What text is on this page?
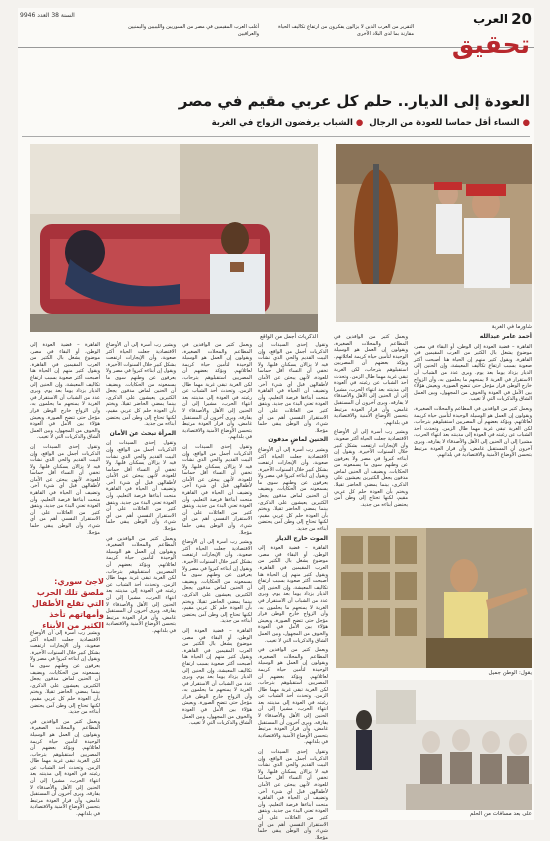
20
العرب
السنة 38 العدد 9946
التقرير من العرب الذين لا يزالون يفكرون من ارتفاع تكاليف الحياة مقارنة بما لدى البلاد الأخرى
أغلب العرب المقيمين في مصر من السوريين والليبيين واليمنيين والعراقيين	تحقيق
العودة إلى الديار.. حلم كل عربي مقيم في مصر
●النساء أقل حماسا للعودة من الرجال  ●الشباب يرفضون الزواج في الغربة
الذكريات أجمل من الواقع
شاورما في الغربة
أحمد عامر عبدالله

القاهرة – قضية العودة إلى الوطن، أو البقاء في مصر، موضوع يشغل بال الكثير من العرب المقيمين في القاهرة. ويقول كثير منهم إن الحياة هنا أصبحت أكثر صعوبة بسبب ارتفاع تكاليف المعيشة، وإن الحنين إلى الديار يزداد يوما بعد يوم. ويرى عدد من الشباب أن الاستقرار في الغربة لا يمنحهم ما يحلمون به، وأن الزواج خارج الوطن قرار مؤجل حتى تتضح الصورة. ويعيش هؤلاء بين الأمل في العودة والخوف من المجهول، وبين العمل الشاق والذكريات التي لا تغيب.

ويعمل كثير من الوافدين في المطاعم والمحلات الصغيرة، ويقولون إن العمل هو الوسيلة الوحيدة لتأمين حياة كريمة لعائلاتهم. ويؤكد بعضهم أن المصريين استقبلوهم بترحاب، لكن الغربة تبقى غربة مهما طال الزمن. وتحدث أحد الشباب عن رغبته في العودة إلى مدينته بعد انتهاء الحرب، مشيرا إلى أن الحنين إلى الأهل والأصدقاء لا يفارقه. ويرى آخرون أن المستقبل غامض، وأن قرار العودة مرتبط بتحسن الأوضاع الأمنية والاقتصادية في بلدانهم.

ويعمل كثير من الوافدين في المطاعم والمحلات الصغيرة، ويقولون إن العمل هو الوسيلة الوحيدة لتأمين حياة كريمة لعائلاتهم. ويؤكد بعضهم أن المصريين استقبلوهم بترحاب، لكن الغربة تبقى غربة مهما طال الزمن. وتحدث أحد الشباب عن رغبته في العودة إلى مدينته بعد انتهاء الحرب، مشيرا إلى أن الحنين إلى الأهل والأصدقاء لا يفارقه. ويرى آخرون أن المستقبل غامض، وأن قرار العودة مرتبط بتحسن الأوضاع الأمنية والاقتصادية في بلدانهم.

ويشير رب أسرة إلى أن الأوضاع الاقتصادية جعلت الحياة أكثر صعوبة، وأن الإيجارات ارتفعت بشكل كبير خلال السنوات الأخيرة. ويقول إن أبناءه كبروا في مصر ولا يعرفون عن وطنهم سوى ما يسمعونه من الحكايات. ويضيف أن الحنين لماض مدفون يجعل الكثيرين يعيشون على الذكرى، بينما يمضي الحاضر ثقيلا. ويختم بأن العودة حلم كل عربي مقيم، لكنها تحتاج إلى وطن آمن يحتضن أبناءه من جديد.

وتقول إحدى السيدات إن الذكريات أجمل من الواقع، وإن البيت القديم والحي الذي نشأت فيه لا يزالان يسكنان قلبها. ولا تخفي أن النساء أقل حماسا للعودة، لأنهن يبحثن عن الأمان لأطفالهن قبل أي شيء آخر. وتضيف أن الحياة في القاهرة منحت أبناءها فرصة التعليم، وأن العودة تعني البدء من جديد. ويتفق كثير من العائلات على أن الاستقرار النفسي أهم من أي شيء، وأن الوطن يبقى حلما مؤجلا.

الحنين لماضٍ مدفون

ويشير رب أسرة إلى أن الأوضاع الاقتصادية جعلت الحياة أكثر صعوبة، وأن الإيجارات ارتفعت بشكل كبير خلال السنوات الأخيرة. ويقول إن أبناءه كبروا في مصر ولا يعرفون عن وطنهم سوى ما يسمعونه من الحكايات. ويضيف أن الحنين لماض مدفون يجعل الكثيرين يعيشون على الذكرى، بينما يمضي الحاضر ثقيلا. ويختم بأن العودة حلم كل عربي مقيم، لكنها تحتاج إلى وطن آمن يحتضن أبناءه من جديد.

الموت خارج الديار

القاهرة – قضية العودة إلى الوطن، أو البقاء في مصر، موضوع يشغل بال الكثير من العرب المقيمين في القاهرة. ويقول كثير منهم إن الحياة هنا أصبحت أكثر صعوبة بسبب ارتفاع تكاليف المعيشة، وإن الحنين إلى الديار يزداد يوما بعد يوم. ويرى عدد من الشباب أن الاستقرار في الغربة لا يمنحهم ما يحلمون به، وأن الزواج خارج الوطن قرار مؤجل حتى تتضح الصورة. ويعيش هؤلاء بين الأمل في العودة والخوف من المجهول، وبين العمل الشاق والذكريات التي لا تغيب.

ويعمل كثير من الوافدين في المطاعم والمحلات الصغيرة، ويقولون إن العمل هو الوسيلة الوحيدة لتأمين حياة كريمة لعائلاتهم. ويؤكد بعضهم أن المصريين استقبلوهم بترحاب، لكن الغربة تبقى غربة مهما طال الزمن. وتحدث أحد الشباب عن رغبته في العودة إلى مدينته بعد انتهاء الحرب، مشيرا إلى أن الحنين إلى الأهل والأصدقاء لا يفارقه. ويرى آخرون أن المستقبل غامض، وأن قرار العودة مرتبط بتحسن الأوضاع الأمنية والاقتصادية في بلدانهم.

وتقول إحدى السيدات إن الذكريات أجمل من الواقع، وإن البيت القديم والحي الذي نشأت فيه لا يزالان يسكنان قلبها. ولا تخفي أن النساء أقل حماسا للعودة، لأنهن يبحثن عن الأمان لأطفالهن قبل أي شيء آخر. وتضيف أن الحياة في القاهرة منحت أبناءها فرصة التعليم، وأن العودة تعني البدء من جديد. ويتفق كثير من العائلات على أن الاستقرار النفسي أهم من أي شيء، وأن الوطن يبقى حلما مؤجلا.

ويعمل كثير من الوافدين في المطاعم والمحلات الصغيرة، ويقولون إن العمل هو الوسيلة الوحيدة لتأمين حياة كريمة لعائلاتهم. ويؤكد بعضهم أن المصريين استقبلوهم بترحاب، لكن الغربة تبقى غربة مهما طال الزمن. وتحدث أحد الشباب عن رغبته في العودة إلى مدينته بعد انتهاء الحرب، مشيرا إلى أن الحنين إلى الأهل والأصدقاء لا يفارقه. ويرى آخرون أن المستقبل غامض، وأن قرار العودة مرتبط بتحسن الأوضاع الأمنية والاقتصادية في بلدانهم.

وتقول إحدى السيدات إن الذكريات أجمل من الواقع، وإن البيت القديم والحي الذي نشأت فيه لا يزالان يسكنان قلبها. ولا تخفي أن النساء أقل حماسا للعودة، لأنهن يبحثن عن الأمان لأطفالهن قبل أي شيء آخر. وتضيف أن الحياة في القاهرة منحت أبناءها فرصة التعليم، وأن العودة تعني البدء من جديد. ويتفق كثير من العائلات على أن الاستقرار النفسي أهم من أي شيء، وأن الوطن يبقى حلما مؤجلا.

ويشير رب أسرة إلى أن الأوضاع الاقتصادية جعلت الحياة أكثر صعوبة، وأن الإيجارات ارتفعت بشكل كبير خلال السنوات الأخيرة. ويقول إن أبناءه كبروا في مصر ولا يعرفون عن وطنهم سوى ما يسمعونه من الحكايات. ويضيف أن الحنين لماض مدفون يجعل الكثيرين يعيشون على الذكرى، بينما يمضي الحاضر ثقيلا. ويختم بأن العودة حلم كل عربي مقيم، لكنها تحتاج إلى وطن آمن يحتضن أبناءه من جديد.

القاهرة – قضية العودة إلى الوطن، أو البقاء في مصر، موضوع يشغل بال الكثير من العرب المقيمين في القاهرة. ويقول كثير منهم إن الحياة هنا أصبحت أكثر صعوبة بسبب ارتفاع تكاليف المعيشة، وإن الحنين إلى الديار يزداد يوما بعد يوم. ويرى عدد من الشباب أن الاستقرار في الغربة لا يمنحهم ما يحلمون به، وأن الزواج خارج الوطن قرار مؤجل حتى تتضح الصورة. ويعيش هؤلاء بين الأمل في العودة والخوف من المجهول، وبين العمل الشاق والذكريات التي لا تغيب.

ويشير رب أسرة إلى أن الأوضاع الاقتصادية جعلت الحياة أكثر صعوبة، وأن الإيجارات ارتفعت بشكل كبير خلال السنوات الأخيرة. ويقول إن أبناءه كبروا في مصر ولا يعرفون عن وطنهم سوى ما يسمعونه من الحكايات. ويضيف أن الحنين لماض مدفون يجعل الكثيرين يعيشون على الذكرى، بينما يمضي الحاضر ثقيلا. ويختم بأن العودة حلم كل عربي مقيم، لكنها تحتاج إلى وطن آمن يحتضن أبناءه من جديد.

المرأة تبحث عن الأمان

وتقول إحدى السيدات إن الذكريات أجمل من الواقع، وإن البيت القديم والحي الذي نشأت فيه لا يزالان يسكنان قلبها. ولا تخفي أن النساء أقل حماسا للعودة، لأنهن يبحثن عن الأمان لأطفالهن قبل أي شيء آخر. وتضيف أن الحياة في القاهرة منحت أبناءها فرصة التعليم، وأن العودة تعني البدء من جديد. ويتفق كثير من العائلات على أن الاستقرار النفسي أهم من أي شيء، وأن الوطن يبقى حلما مؤجلا.

ويعمل كثير من الوافدين في المطاعم والمحلات الصغيرة، ويقولون إن العمل هو الوسيلة الوحيدة لتأمين حياة كريمة لعائلاتهم. ويؤكد بعضهم أن المصريين استقبلوهم بترحاب، لكن الغربة تبقى غربة مهما طال الزمن. وتحدث أحد الشباب عن رغبته في العودة إلى مدينته بعد انتهاء الحرب، مشيرا إلى أن الحنين إلى الأهل والأصدقاء لا يفارقه. ويرى آخرون أن المستقبل غامض، وأن قرار العودة مرتبط بتحسن الأوضاع الأمنية والاقتصادية في بلدانهم.

القاهرة – قضية العودة إلى الوطن، أو البقاء في مصر، موضوع يشغل بال الكثير من العرب المقيمين في القاهرة. ويقول كثير منهم إن الحياة هنا أصبحت أكثر صعوبة بسبب ارتفاع تكاليف المعيشة، وإن الحنين إلى الديار يزداد يوما بعد يوم. ويرى عدد من الشباب أن الاستقرار في الغربة لا يمنحهم ما يحلمون به، وأن الزواج خارج الوطن قرار مؤجل حتى تتضح الصورة. ويعيش هؤلاء بين الأمل في العودة والخوف من المجهول، وبين العمل الشاق والذكريات التي لا تغيب.

وتقول إحدى السيدات إن الذكريات أجمل من الواقع، وإن البيت القديم والحي الذي نشأت فيه لا يزالان يسكنان قلبها. ولا تخفي أن النساء أقل حماسا للعودة، لأنهن يبحثن عن الأمان لأطفالهن قبل أي شيء آخر. وتضيف أن الحياة في القاهرة منحت أبناءها فرصة التعليم، وأن العودة تعني البدء من جديد. ويتفق كثير من العائلات على أن الاستقرار النفسي أهم من أي شيء، وأن الوطن يبقى حلما مؤجلا.

لاجئ سوري: ملصق تلك الحرب التي تقلع الأطفال وأمهاتهم تأخذ الكثير من الأبناء

ويشير رب أسرة إلى أن الأوضاع الاقتصادية جعلت الحياة أكثر صعوبة، وأن الإيجارات ارتفعت بشكل كبير خلال السنوات الأخيرة. ويقول إن أبناءه كبروا في مصر ولا يعرفون عن وطنهم سوى ما يسمعونه من الحكايات. ويضيف أن الحنين لماض مدفون يجعل الكثيرين يعيشون على الذكرى، بينما يمضي الحاضر ثقيلا. ويختم بأن العودة حلم كل عربي مقيم، لكنها تحتاج إلى وطن آمن يحتضن أبناءه من جديد.

ويعمل كثير من الوافدين في المطاعم والمحلات الصغيرة، ويقولون إن العمل هو الوسيلة الوحيدة لتأمين حياة كريمة لعائلاتهم. ويؤكد بعضهم أن المصريين استقبلوهم بترحاب، لكن الغربة تبقى غربة مهما طال الزمن. وتحدث أحد الشباب عن رغبته في العودة إلى مدينته بعد انتهاء الحرب، مشيرا إلى أن الحنين إلى الأهل والأصدقاء لا يفارقه. ويرى آخرون أن المستقبل غامض، وأن قرار العودة مرتبط بتحسن الأوضاع الأمنية والاقتصادية في بلدانهم.

يقول: الوطن جميل
على بعد مسافات من الحلم
